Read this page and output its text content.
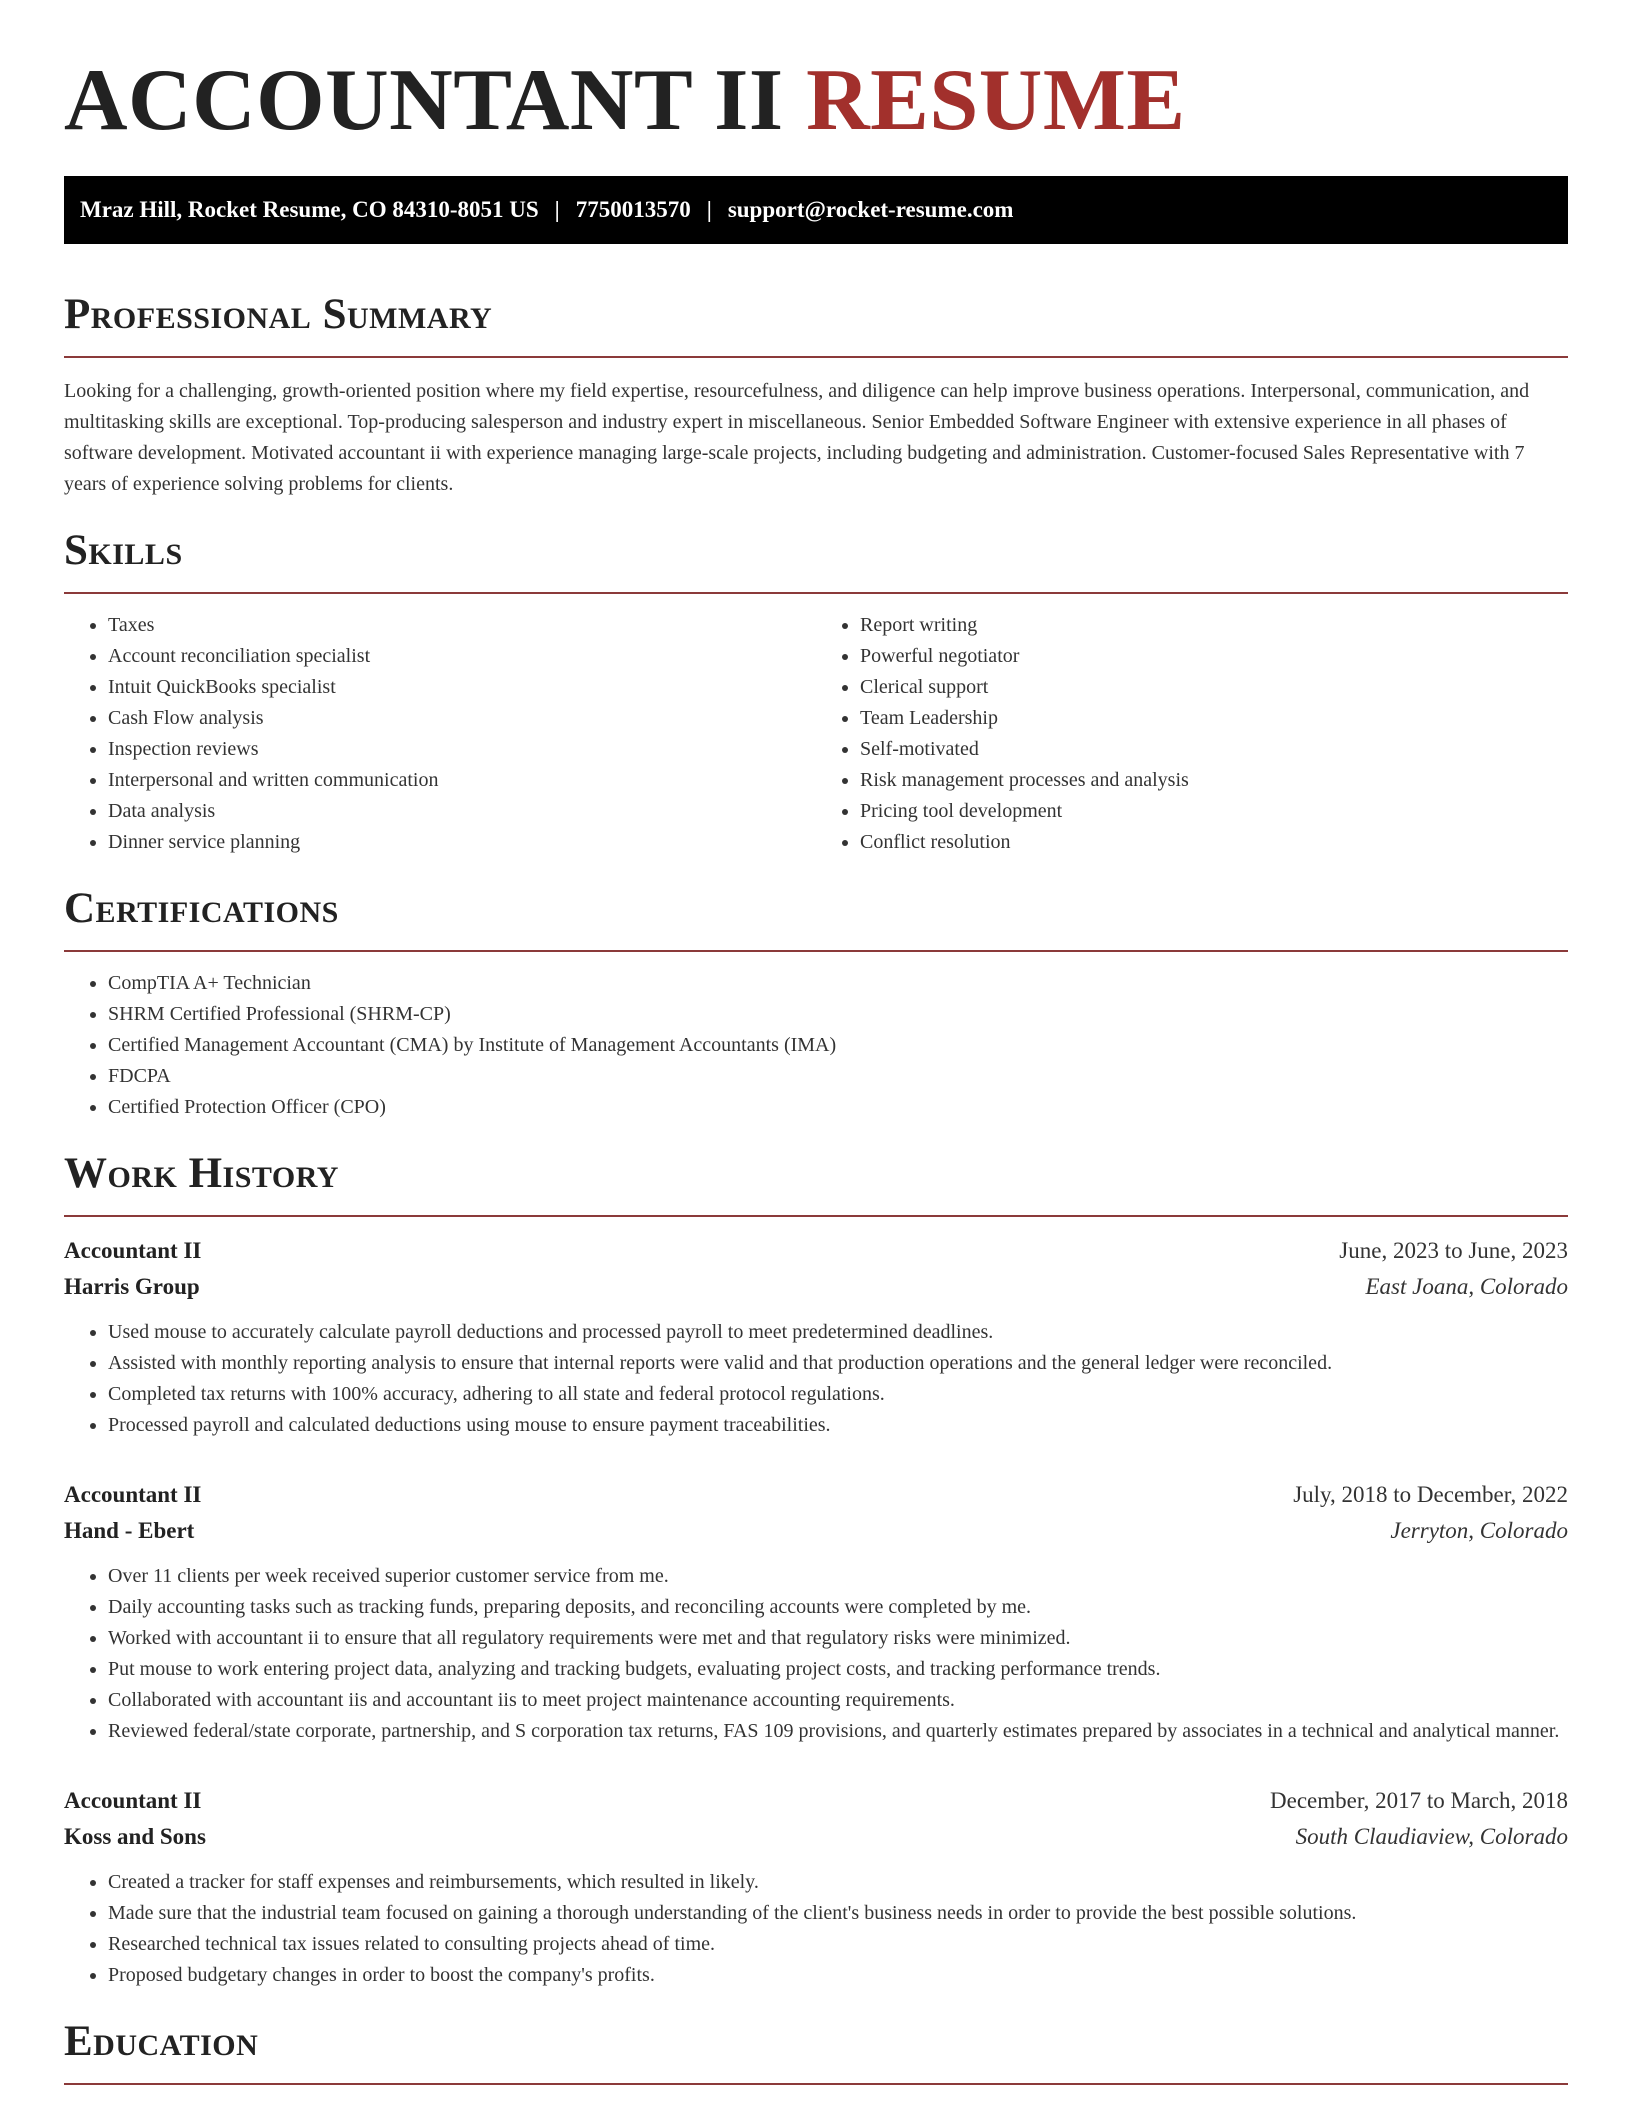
ACCOUNTANT II RESUME
Mraz Hill, Rocket Resume, CO 84310-8051 US | 7750013570 | support@rocket-resume.com
Professional Summary

Looking for a challenging, growth-oriented position where my field expertise, resourcefulness, and diligence can help improve business operations. Interpersonal, communication, and multitasking skills are exceptional. Top-producing salesperson and industry expert in miscellaneous. Senior Embedded Software Engineer with extensive experience in all phases of software development. Motivated accountant ii with experience managing large-scale projects, including budgeting and administration. Customer-focused Sales Representative with 7 years of experience solving problems for clients.

Skills
• Taxes
• Account reconciliation specialist
• Intuit QuickBooks specialist
• Cash Flow analysis
• Inspection reviews
• Interpersonal and written communication
• Data analysis
• Dinner service planning
• Report writing
• Powerful negotiator
• Clerical support
• Team Leadership
• Self-motivated
• Risk management processes and analysis
• Pricing tool development
• Conflict resolution
Certifications
• CompTIA A+ Technician
• SHRM Certified Professional (SHRM-CP)
• Certified Management Accountant (CMA) by Institute of Management Accountants (IMA)
• FDCPA
• Certified Protection Officer (CPO)
Work History
Accountant II	June, 2023 to June, 2023
Harris Group	East Joana, Colorado
• Used mouse to accurately calculate payroll deductions and processed payroll to meet predetermined deadlines.
• Assisted with monthly reporting analysis to ensure that internal reports were valid and that production operations and the general ledger were reconciled.
• Completed tax returns with 100% accuracy, adhering to all state and federal protocol regulations.
• Processed payroll and calculated deductions using mouse to ensure payment traceabilities.
Accountant II	July, 2018 to December, 2022
Hand - Ebert	Jerryton, Colorado
• Over 11 clients per week received superior customer service from me.
• Daily accounting tasks such as tracking funds, preparing deposits, and reconciling accounts were completed by me.
• Worked with accountant ii to ensure that all regulatory requirements were met and that regulatory risks were minimized.
• Put mouse to work entering project data, analyzing and tracking budgets, evaluating project costs, and tracking performance trends.
• Collaborated with accountant iis and accountant iis to meet project maintenance accounting requirements.
• Reviewed federal/state corporate, partnership, and S corporation tax returns, FAS 109 provisions, and quarterly estimates prepared by associates in a technical and analytical manner.
Accountant II	December, 2017 to March, 2018
Koss and Sons	South Claudiaview, Colorado
• Created a tracker for staff expenses and reimbursements, which resulted in likely.
• Made sure that the industrial team focused on gaining a thorough understanding of the client's business needs in order to provide the best possible solutions.
• Researched technical tax issues related to consulting projects ahead of time.
• Proposed budgetary changes in order to boost the company's profits.
Education
